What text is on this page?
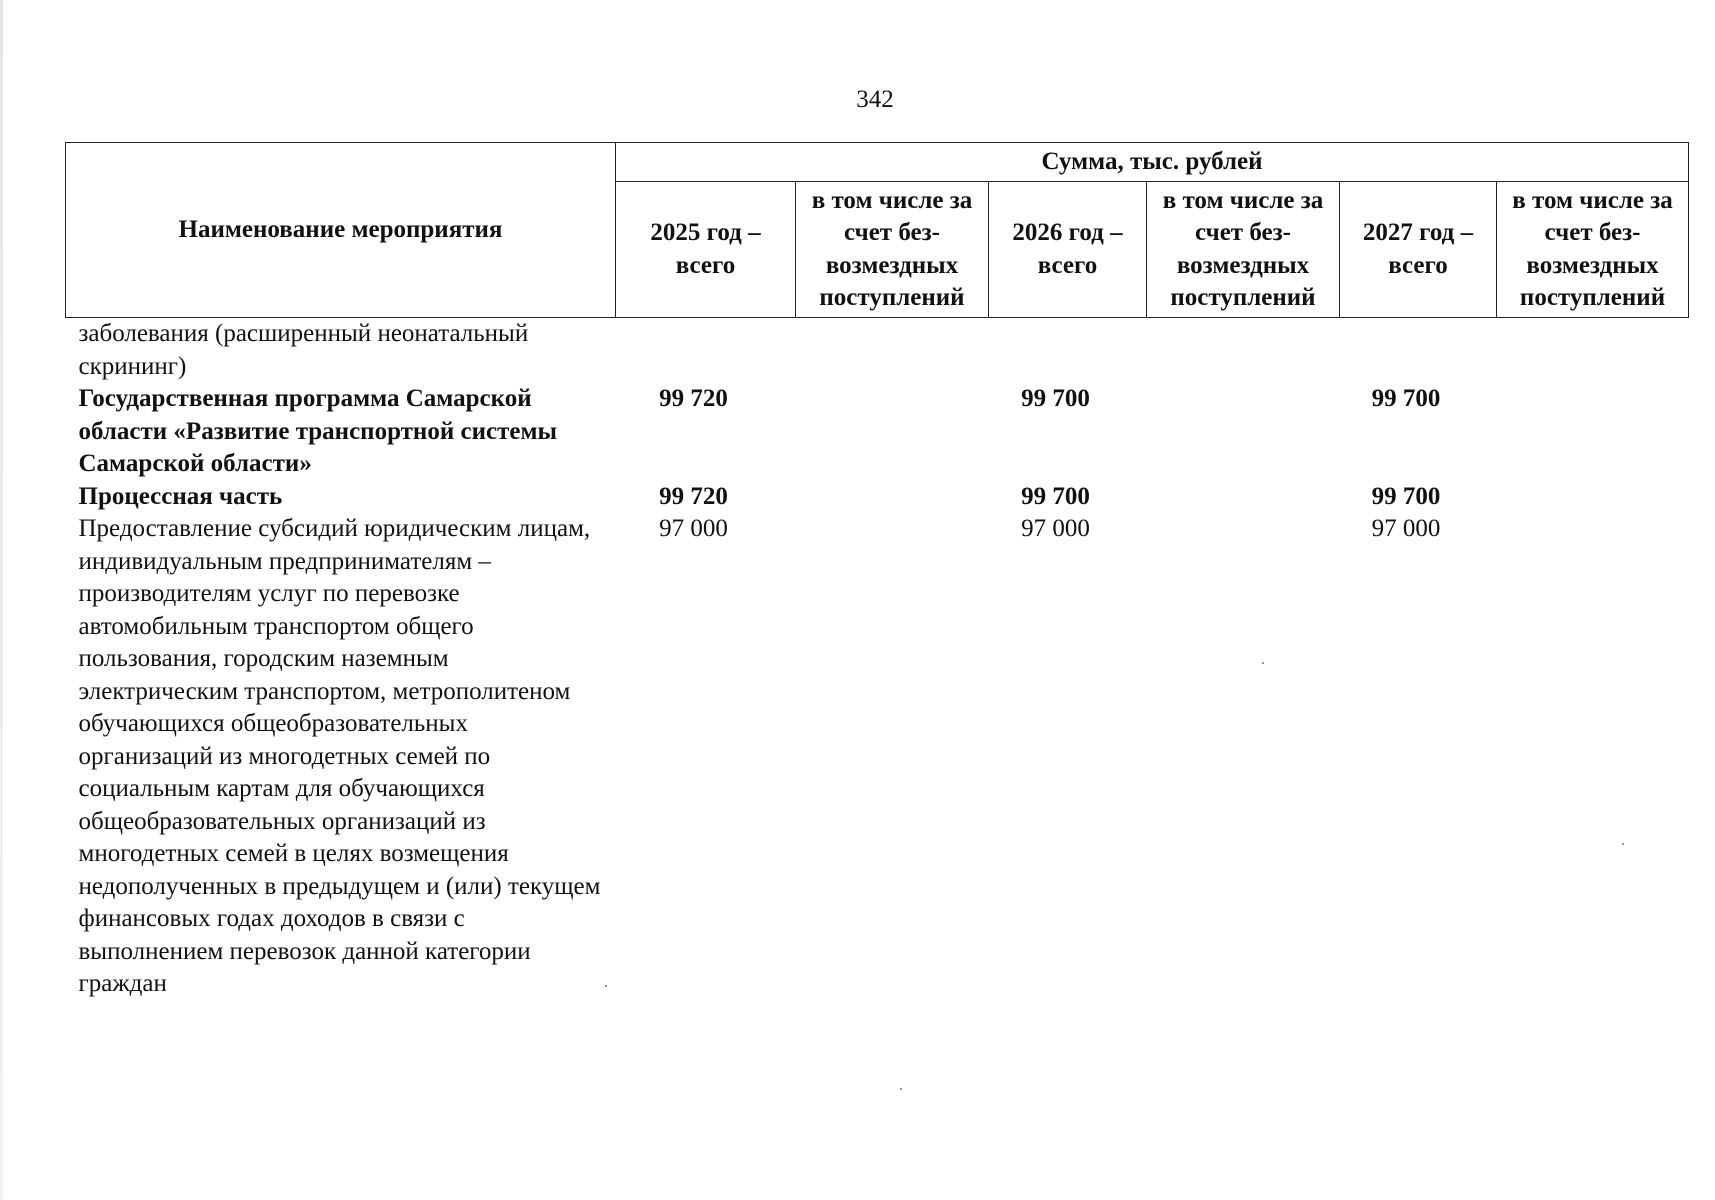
342
Наименование мероприятия	Сумма, тыс. рублей					
	2025 год – всего	в том числе за счет без- возмездных поступлений	2026 год – всего	в том числе за счет без- возмездных поступлений	2027 год – всего	в том числе за счет без- возмездных поступлений
заболевания (расширенный неонатальный скрининг)						
Государственная программа Самарской области «Развитие транспортной системы Самарской области»	99 720		99 700		99 700	
Процессная часть	99 720		99 700		99 700	
Предоставление субсидий юридическим лицам, индивидуальным предпринимателям – производителям услуг по перевозке автомобильным транспортом общего пользования, городским наземным электрическим транспортом, метрополитеном обучающихся общеобразовательных организаций из многодетных семей по социальным картам для обучающихся общеобразовательных организаций из многодетных семей в целях возмещения недополученных в предыдущем и (или) текущем финансовых годах доходов в связи с выполнением перевозок данной категории граждан	97 000		97 000		97 000	
